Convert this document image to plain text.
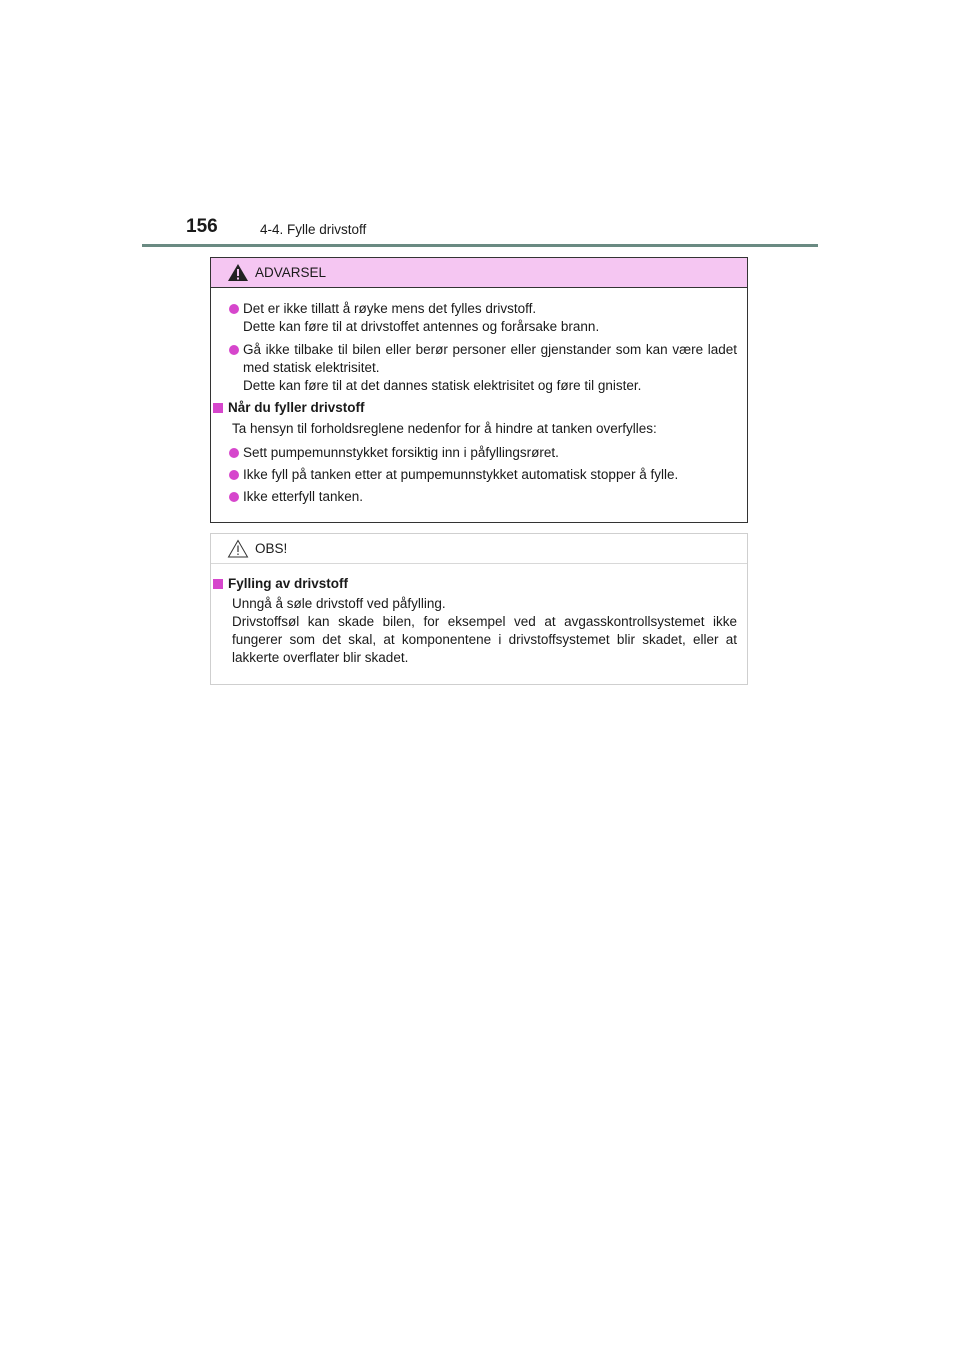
156	4-4. Fylle drivstoff
ADVARSEL
Det er ikke tillatt å røyke mens det fylles drivstoff.
Dette kan føre til at drivstoffet antennes og forårsake brann.
Gå ikke tilbake til bilen eller berør personer eller gjenstander som kan være ladet med statisk elektrisitet.
Dette kan føre til at det dannes statisk elektrisitet og føre til gnister.
Når du fyller drivstoff
Ta hensyn til forholdsreglene nedenfor for å hindre at tanken overfylles:
Sett pumpemunnstykket forsiktig inn i påfyllingsrøret.
Ikke fyll på tanken etter at pumpemunnstykket automatisk stopper å fylle.
Ikke etterfyll tanken.
OBS!
Fylling av drivstoff
Unngå å søle drivstoff ved påfylling.
Drivstoffsøl kan skade bilen, for eksempel ved at avgasskontrollsystemet ikke fungerer som det skal, at komponentene i drivstoffsystemet blir skadet, eller at lakkerte overflater blir skadet.
